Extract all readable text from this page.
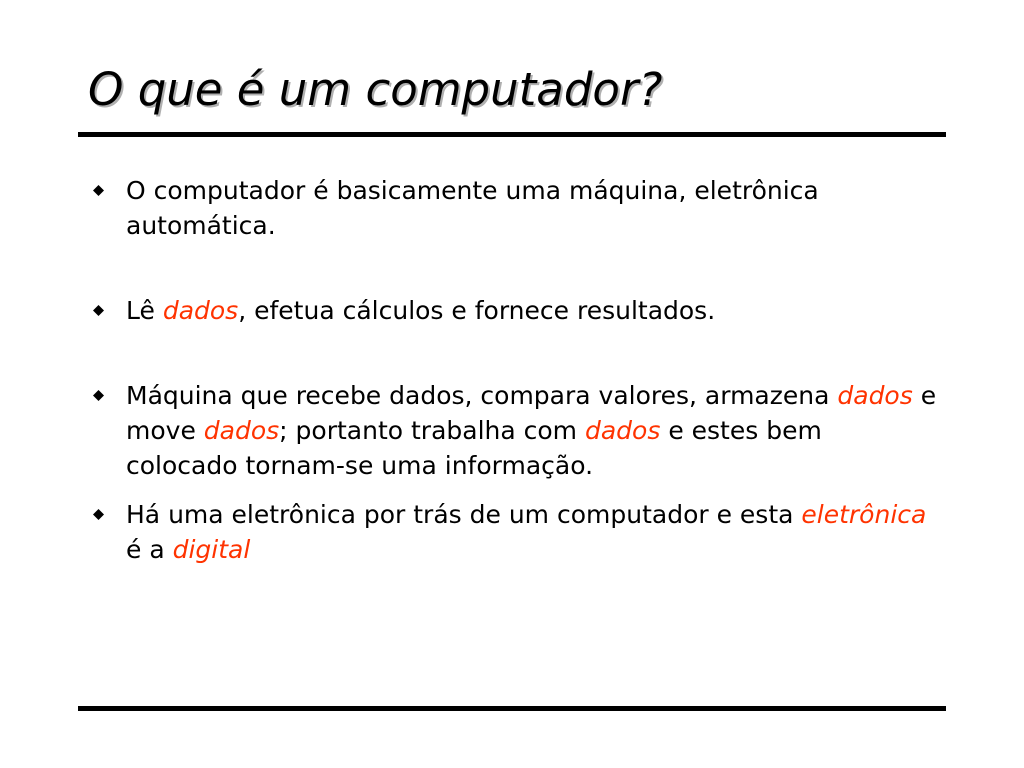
O que é um computador?
O computador é basicamente uma máquina, eletrônica automática.
Lê dados, efetua cálculos e fornece resultados.
Máquina que recebe dados, compara valores, armazena dados e move dados; portanto trabalha com dados e estes bem colocado tornam-se uma informação.
Há uma eletrônica por trás de um computador e esta eletrônica é a digital
